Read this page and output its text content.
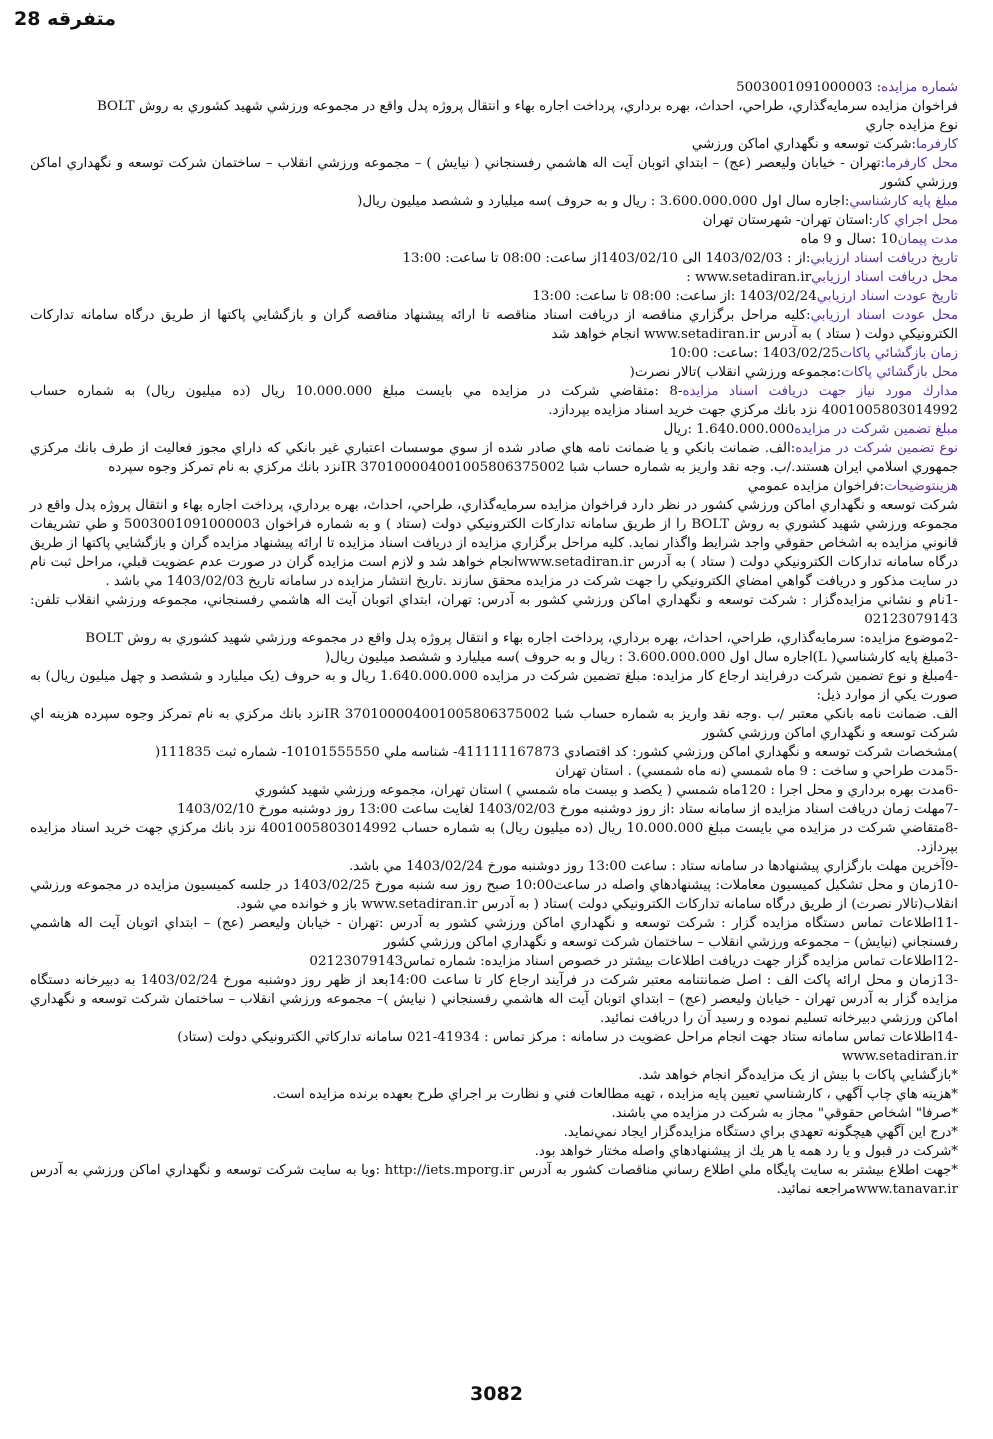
متفرقه 28
شماره مزايده: 5003001091000003
فراخوان مزايده سرمايه‌گذاري، طراحي، احداث، بهره برداري، پرداخت اجاره بهاء و انتقال پروژه پدل واقع در مجموعه ورزشي شهيد كشوري به روش BOLT
نوع مزايده جاري
كارفرما:شركت توسعه و نگهداري اماكن ورزشي
محل كارفرما:تهران - خيابان وليعصر (عج) – ابتداي اتوبان آيت اله هاشمي رفسنجاني ( نيايش ) – مجموعه ورزشي انقلاب – ساختمان شركت توسعه و نگهداري اماكن ورزشي كشور
مبلغ پايه كارشناسي:اجاره سال اول 3.600.000.000 : ريال و به حروف )سه ميليارد و ششصد ميليون ريال(
محل اجراي كار:استان تهران- شهرستان تهران
مدت پيمان10 :سال و 9 ماه
تاريخ دريافت اسناد ارزيابي:از : 1403/02/03 الى 1403/02/10از ساعت: 08:00 تا ساعت: 13:00
محل دريافت اسناد ارزيابيwww.setadiran.ir :
تاريخ عودت اسناد ارزيابي1403/02/24 :از ساعت: 08:00 تا ساعت: 13:00
محل عودت اسناد ارزيابي:كليه مراحل برگزاري مناقصه از دريافت اسناد مناقصه تا ارائه پيشنهاد مناقصه گران و بازگشايي پاكتها از طريق درگاه سامانه تداركات الكترونيكي دولت ( ستاد ) به آدرس www.setadiran.ir انجام خواهد شد
زمان بازگشائي پاكات1403/02/25 :ساعت: 10:00
محل بازگشائي پاكات:مجموعه ورزشي انقلاب )تالار نصرت(
مدارك مورد نياز جهت دريافت اسناد مزايده-8 :متقاضي شركت در مزايده مي بايست مبلغ 10.000.000 ريال (ده ميليون ريال) به شماره حساب 4001005803014992 نزد بانك مركزي جهت خريد اسناد مزايده بپردازد.
مبلغ تضمين شركت در مزايده1.640.000.000 :ريال
نوع تضمين شركت در مزايده:الف. ضمانت بانكي و يا ضمانت نامه هاي صادر شده از سوي موسسات اعتباري غير بانكي كه داراي مجوز فعاليت از طرف بانك مركزي جمهوري اسلامي ايران هستند./ب. وجه نقد واريز به شماره حساب شبا IR 370100004001005806375002نزد بانك مركزي به نام تمركز وجوه سپرده
هزينتوضيحات:فراخوان مزايده عمومي
شركت توسعه و نگهداري اماكن ورزشي كشور در نظر دارد فراخوان مزايده سرمايه‌گذاري، طراحي، احداث، بهره برداري، پرداخت اجاره بهاء و انتقال پروژه پدل واقع در مجموعه ورزشي شهيد كشوري به روش BOLT را از طريق سامانه تداركات الكترونيكي دولت (ستاد ) و به شماره فراخوان 5003001091000003 و طي تشريفات قانوني مزايده به اشخاص حقوقي واجد شرايط واگذار نمايد. كليه مراحل برگزاري مزايده از دريافت اسناد مزايده تا ارائه پيشنهاد مزايده گران و بازگشايي پاكتها از طريق درگاه سامانه تداركات الكترونيكي دولت ( ستاد ) به آدرس www.setadiran.irانجام خواهد شد و لازم است مزايده گران در صورت عدم عضويت قبلي، مراحل ثبت نام در سايت مذكور و دريافت گواهي امضاي الكترونيكي را جهت شركت در مزايده محقق سازند .تاريخ انتشار مزايده در سامانه تاريخ 1403/02/03 مي باشد .
-1نام و نشاني مزايده‌گزار : شركت توسعه و نگهداري اماكن ورزشي كشور به آدرس: تهران، ابتداي اتوبان آيت اله هاشمي رفسنجاني، مجموعه ورزشي انقلاب تلفن: 02123079143
-2موضوع مزايده: سرمايه‌گذاري، طراحي، احداث، بهره برداري، پرداخت اجاره بهاء و انتقال پروژه پدل واقع در مجموعه ورزشي شهيد كشوري به روش BOLT
-3مبلغ پايه كارشناسي( L)اجاره سال اول 3.600.000.000 : ريال و به حروف )سه ميليارد و ششصد ميليون ريال(
-4مبلغ و نوع تضمين شركت درفرايند ارجاع كار مزايده: مبلغ تضمين شركت در مزايده 1.640.000.000 ريال و به حروف (يک ميليارد و ششصد و چهل ميليون ريال) به صورت يكي از موارد ذيل:
الف. ضمانت نامه بانكي معتبر /ب .وجه نقد واريز به شماره حساب شبا IR 370100004001005806375002نزد بانك مركزي به نام تمركز وجوه سپرده هزينه اي شركت توسعه و نگهداري اماكن ورزشي كشور
)مشخصات شركت توسعه و نگهداري اماكن ورزشي كشور: كد اقتصادي 411111167873- شناسه ملي 10101555550- شماره ثبت 111835(
-5مدت طراحي و ساخت : 9 ماه شمسي (نه ماه شمسي) . استان تهران
-6مدت بهره برداري و محل اجرا : 120ماه شمسي ( يكصد و بيست ماه شمسي ) استان تهران، مجموعه ورزشي شهيد كشوري
-7مهلت زمان دريافت اسناد مزايده از سامانه ستاد :از روز دوشنبه مورخ 1403/02/03 لغايت ساعت 13:00 روز دوشنبه مورخ 1403/02/10
-8متقاضي شركت در مزايده مي بايست مبلغ 10.000.000 ريال (ده ميليون ريال) به شماره حساب 4001005803014992 نزد بانك مركزي جهت خريد اسناد مزايده بپردازد.
-9آخرين مهلت بارگزاري پيشنهادها در سامانه ستاد : ساعت 13:00 روز دوشنبه مورخ 1403/02/24 مي باشد.
-10زمان و محل تشكيل كميسيون معاملات: پيشنهادهاي واصله در ساعت10:00 صبح روز سه شنبه مورخ 1403/02/25 در جلسه كميسيون مزايده در مجموعه ورزشي انقلاب(تالار نصرت) از طريق درگاه سامانه تداركات الكترونيكي دولت )ستاد ( به آدرس www.setadiran.ir باز و خوانده مي شود.
-11اطلاعات تماس دستگاه مزايده گزار : شركت توسعه و نگهداري اماكن ورزشي كشور به آدرس :تهران - خيابان وليعصر (عج) – ابتداي اتوبان آيت اله هاشمي رفسنجاني (نيايش) – مجموعه ورزشي انقلاب – ساختمان شركت توسعه و نگهداري اماكن ورزشي كشور
-12اطلاعات تماس مزايده گزار جهت دريافت اطلاعات بيشتر در خصوص اسناد مزايده: شماره تماس02123079143
-13زمان و محل ارائه پاكت الف : اصل ضمانتنامه معتبر شركت در فرآيند ارجاع كار تا ساعت 14:00بعد از ظهر روز دوشنبه مورخ 1403/02/24 به دبيرخانه دستگاه مزايده گزار به آدرس تهران - خيابان وليعصر (عج) – ابتداي اتوبان آيت اله هاشمي رفسنجاني ( نيايش )– مجموعه ورزشي انقلاب – ساختمان شركت توسعه و نگهداري اماكن ورزشي دبيرخانه تسليم نموده و رسيد آن را دريافت نمائيد.
-14اطلاعات تماس سامانه ستاد جهت انجام مراحل عضويت در سامانه : مركز تماس : 41934-021 سامانه تداركاتي الكترونيكي دولت (ستاد)
www.setadiran.ir
*بازگشايي پاكات با بيش از يک مزايده‌گر انجام خواهد شد.
*هزينه هاي چاپ آگهي ، كارشناسي تعيين پايه مزايده ، تهيه مطالعات فني و نظارت بر اجراي طرح بعهده برنده مزايده است.
*صرفا" اشخاص حقوقي" مجاز به شركت در مزايده مي باشند.
*درج اين آگهي هيچگونه تعهدي براي دستگاه مزايده‌گزار ايجاد نمي‌نمايد.
*شركت در قبول و يا رد همه يا هر يك از پيشنهادهاي واصله مختار خواهد بود.
*جهت اطلاع بيشتر به سايت پايگاه ملي اطلاع رساني مناقصات كشور به آدرس http://iets.mporg.ir :ويا به سايت شركت توسعه و نگهداري اماكن ورزشي به آدرس www.tanavar.irمراجعه نمائيد.
3082
